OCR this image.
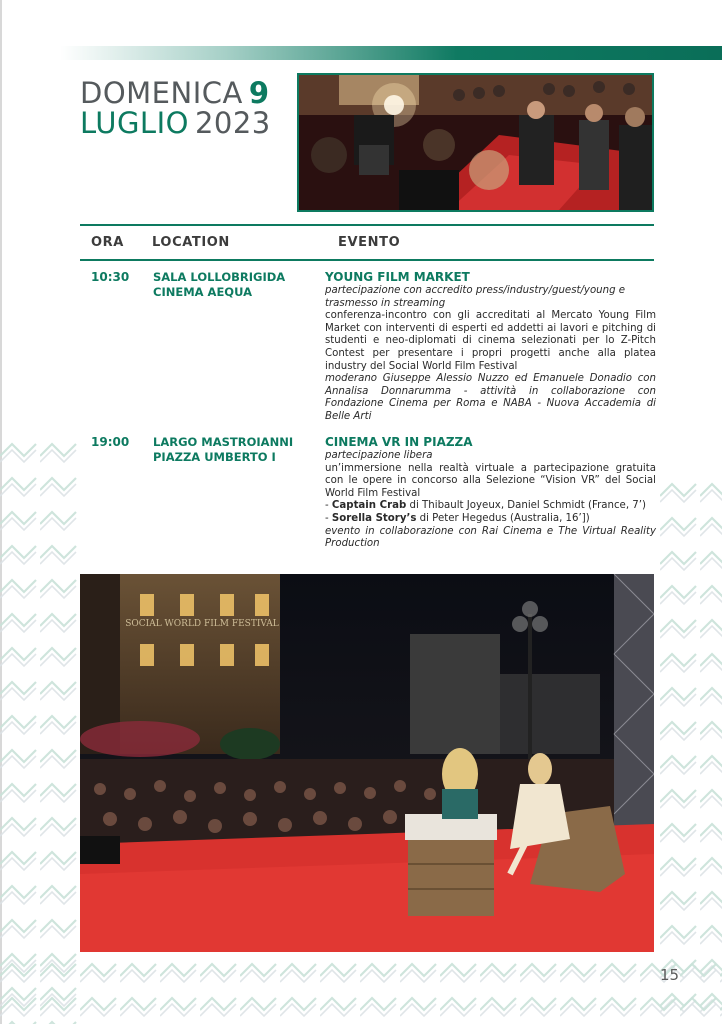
DOMENICA 9
LUGLIO 2023
ORA LOCATION	EVENTO
10:30 SALA LOLLOBRIGIDA
CINEMA AEQUA
YOUNG FILM MARKET
partecipazione con accredito press/industry/guest/young e trasmesso in streaming
conferenza-incontro con gli accreditati al Mercato Young Film Market con interventi di esperti ed addetti ai lavori e pitching di studenti e neo-diplomati di cinema selezionati per lo Z-Pitch Contest per presentare i propri progetti anche alla platea industry del Social World Film Festival
moderano Giuseppe Alessio Nuzzo ed Emanuele Donadio con Annalisa Donnarumma - attività in collaborazione con Fondazione Cinema per Roma e NABA - Nuova Accademia di Belle Arti
19:00 LARGO MASTROIANNI
PIAZZA UMBERTO I
CINEMA VR IN PIAZZA
partecipazione libera
un’immersione nella realtà virtuale a partecipazione gratuita con le opere in concorso alla Selezione “Vision VR” del Social World Film Festival
- Captain Crab di Thibault Joyeux, Daniel Schmidt (France, 7’)
- Sorella Story’s di Peter Hegedus (Australia, 16’])
evento in collaborazione con Rai Cinema e The Virtual Reality Production
SOCIAL WORLD FILM FESTIVAL
15
